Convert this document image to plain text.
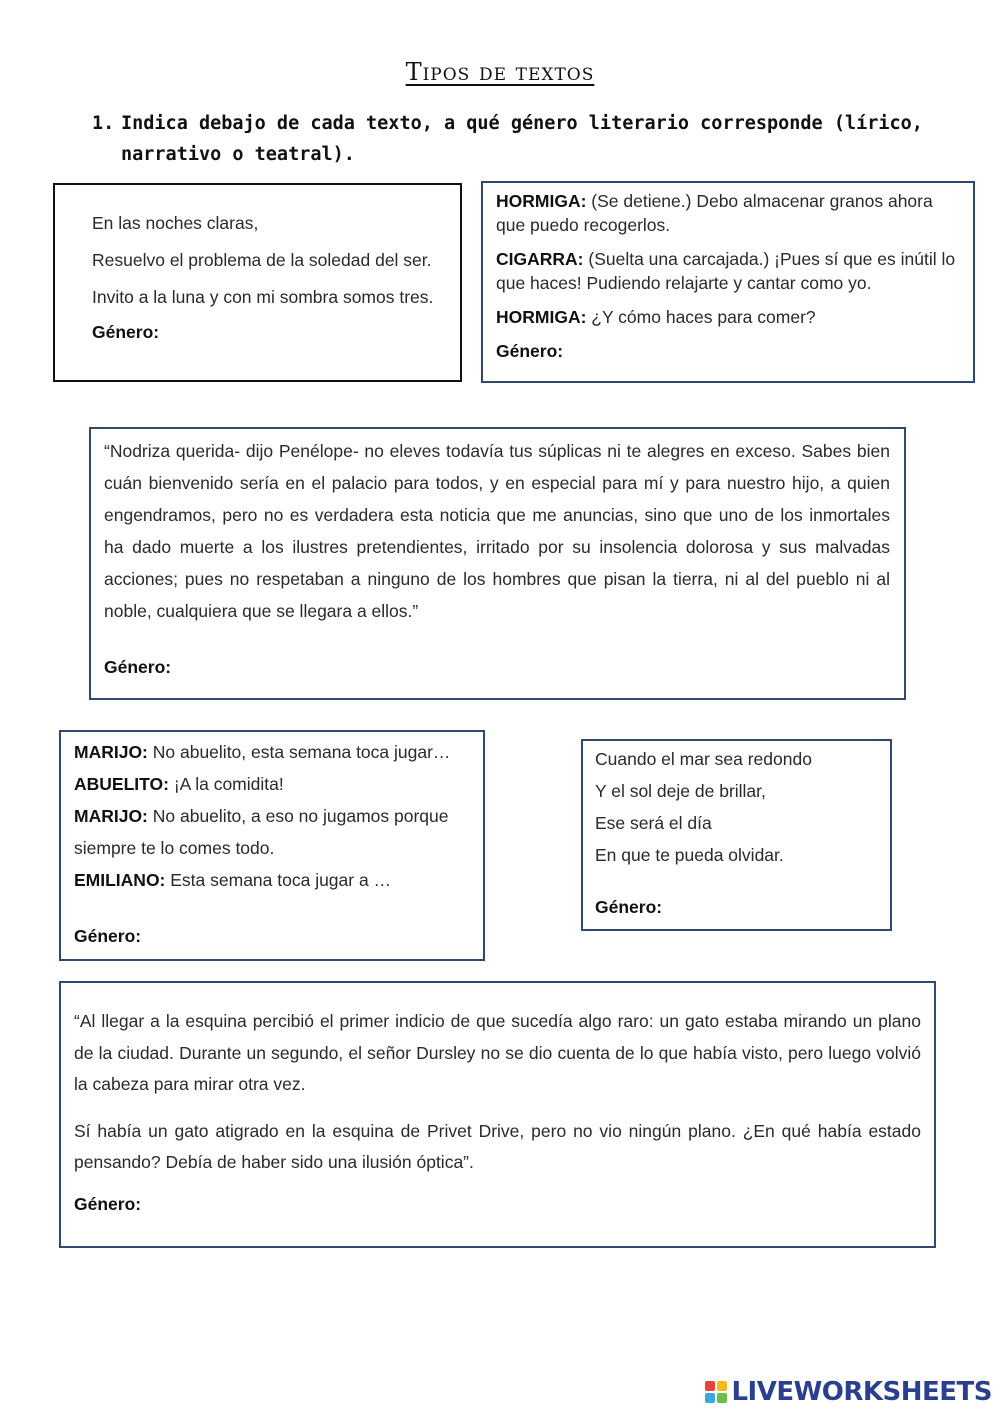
Tipos de textos
1. Indica debajo de cada texto, a qué género literario corresponde (lírico, narrativo o teatral).

En las noches claras,

Resuelvo el problema de la soledad del ser.

Invito a la luna y con mi sombra somos tres.

Género:

HORMIGA: (Se detiene.) Debo almacenar granos ahora que puedo recogerlos.

CIGARRA: (Suelta una carcajada.) ¡Pues sí que es inútil lo que haces! Pudiendo relajarte y cantar como yo.

HORMIGA: ¿Y cómo haces para comer?

Género:

“Nodriza querida- dijo Penélope- no eleves todavía tus súplicas ni te alegres en exceso. Sabes bien cuán bienvenido sería en el palacio para todos, y en especial para mí y para nuestro hijo, a quien engendramos, pero no es verdadera esta noticia que me anuncias, sino que uno de los inmortales ha dado muerte a los ilustres pretendientes, irritado por su insolencia dolorosa y sus malvadas acciones; pues no respetaban a ninguno de los hombres que pisan la tierra, ni al del pueblo ni al noble, cualquiera que se llegara a ellos.”

Género:

MARIJO: No abuelito, esta semana toca jugar…

ABUELITO: ¡A la comidita!

MARIJO: No abuelito, a eso no jugamos porque siempre te lo comes todo.

EMILIANO: Esta semana toca jugar a …

Género:

Cuando el mar sea redondo

Y el sol deje de brillar,

Ese será el día

En que te pueda olvidar.

Género:

“Al llegar a la esquina percibió el primer indicio de que sucedía algo raro: un gato estaba mirando un plano de la ciudad. Durante un segundo, el señor Dursley no se dio cuenta de lo que había visto, pero luego volvió la cabeza para mirar otra vez.

Sí había un gato atigrado en la esquina de Privet Drive, pero no vio ningún plano. ¿En qué había estado pensando? Debía de haber sido una ilusión óptica”.

Género:

LIVEWORKSHEETS
